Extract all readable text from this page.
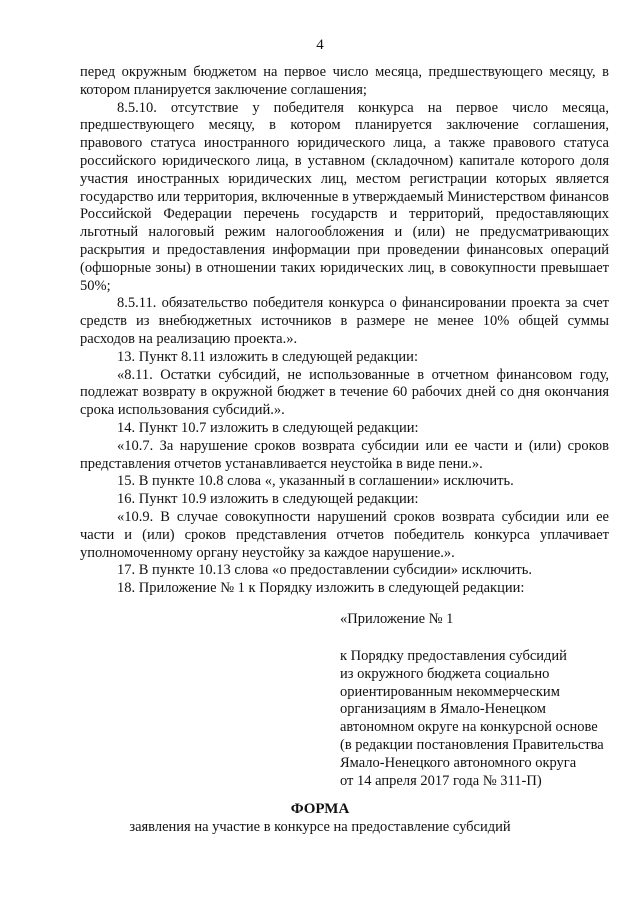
4

перед окружным бюджетом на первое число месяца, предшествующего месяцу, в котором планируется заключение соглашения;

8.5.10. отсутствие у победителя конкурса на первое число месяца, предшествующего месяцу, в котором планируется заключение соглашения, правового статуса иностранного юридического лица, а также правового статуса российского юридического лица, в уставном (складочном) капитале которого доля участия иностранных юридических лиц, местом регистрации которых является государство или территория, включенные в утверждаемый Министерством финансов Российской Федерации перечень государств и территорий, предоставляющих льготный налоговый режим налогообложения и (или) не предусматривающих раскрытия и предоставления информации при проведении финансовых операций (офшорные зоны) в отношении таких юридических лиц, в совокупности превышает 50%;

8.5.11. обязательство победителя конкурса о финансировании проекта за счет средств из внебюджетных источников в размере не менее 10% общей суммы расходов на реализацию проекта.».

13. Пункт 8.11 изложить в следующей редакции:

«8.11. Остатки субсидий, не использованные в отчетном финансовом году, подлежат возврату в окружной бюджет в течение 60 рабочих дней со дня окончания срока использования субсидий.».

14. Пункт 10.7 изложить в следующей редакции:

«10.7. За нарушение сроков возврата субсидии или ее части и (или) сроков представления отчетов устанавливается неустойка в виде пени.».

15. В пункте 10.8 слова «, указанный в соглашении» исключить.

16. Пункт 10.9 изложить в следующей редакции:

«10.9. В случае совокупности нарушений сроков возврата субсидии или ее части и (или) сроков представления отчетов победитель конкурса уплачивает уполномоченному органу неустойку за каждое нарушение.».

17. В пункте 10.13 слова «о предоставлении субсидии» исключить.

18. Приложение № 1 к Порядку изложить в следующей редакции:

«Приложение № 1
к Порядку предоставления субсидий
из окружного бюджета социально
ориентированным некоммерческим
организациям в Ямало-Ненецком
автономном округе на конкурсной основе
(в редакции постановления Правительства
Ямало-Ненецкого автономного округа
от 14 апреля 2017 года № 311-П)
ФОРМА
заявления на участие в конкурсе на предоставление субсидий
